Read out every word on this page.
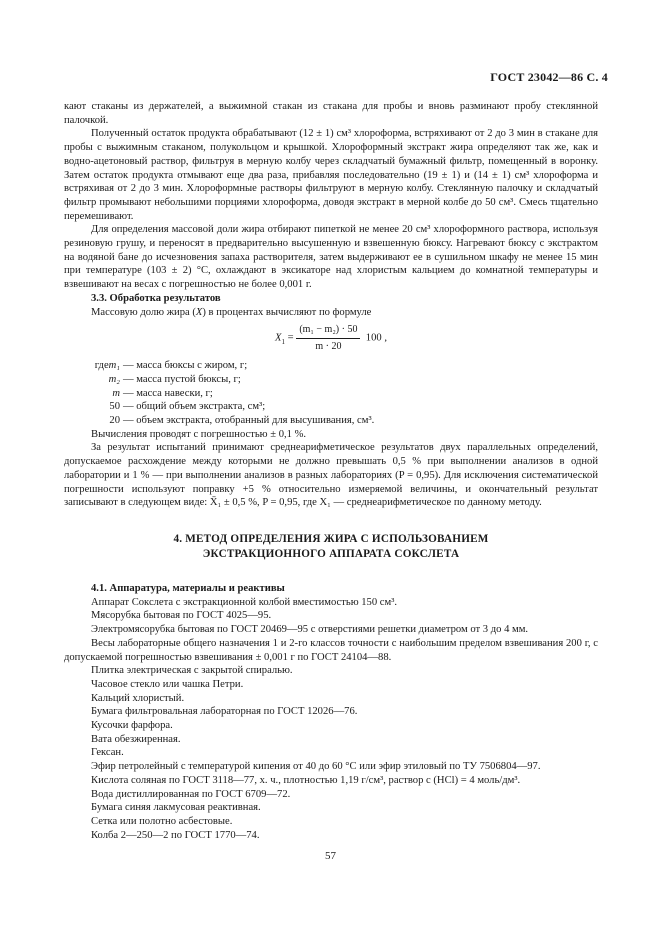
ГОСТ 23042—86 С. 4

кают стаканы из держателей, а выжимной стакан из стакана для пробы и вновь разминают пробу стеклянной палочкой.

Полученный остаток продукта обрабатывают (12 ± 1) см³ хлороформа, встряхивают от 2 до 3 мин в стакане для пробы с выжимным стаканом, полукольцом и крышкой. Хлороформный экстракт жира определяют так же, как и водно-ацетоновый раствор, фильтруя в мерную колбу через складчатый бумажный фильтр, помещенный в воронку. Затем остаток продукта отмывают еще два раза, прибавляя последовательно (19 ± 1) и (14 ± 1) см³ хлороформа и встряхивая от 2 до 3 мин. Хлороформные растворы фильтруют в мерную колбу. Стеклянную палочку и складчатый фильтр промывают небольшими порциями хлороформа, доводя экстракт в мерной колбе до 50 см³. Смесь тщательно перемешивают.

Для определения массовой доли жира отбирают пипеткой не менее 20 см³ хлороформного раствора, используя резиновую грушу, и переносят в предварительно высушенную и взвешенную бюксу. Нагревают бюксу с экстрактом на водяной бане до исчезновения запаха растворителя, затем выдерживают ее в сушильном шкафу не менее 15 мин при температуре (103 ± 2) °С, охлаждают в эксикаторе над хлористым кальцием до комнатной температуры и взвешивают на весах с погрешностью не более 0,001 г.

3.3. Обработка результатов

Массовую долю жира (X) в процентах вычисляют по формуле

$X_1 = \frac{\text{(m₁ − m₂) · 50}}{m \cdot 20} 100$ ,
гдеm₁ — масса бюксы с жиром, г;
m₂ — масса пустой бюксы, г;
m — масса навески, г;
50 — общий объем экстракта, см³;
20 — объем экстракта, отобранный для высушивания, см³.

Вычисления проводят с погрешностью ± 0,1 %.

За результат испытаний принимают среднеарифметическое результатов двух параллельных определений, допускаемое расхождение между которыми не должно превышать 0,5 % при выполнении анализов в одной лаборатории и 1 % — при выполнении анализов в разных лабораториях (P = 0,95). Для исключения систематической погрешности используют поправку +5 % относительно измеряемой величины, и окончательный результат записывают в следующем виде: X̄₁ ± 0,5 %, P = 0,95, где X₁ — среднеарифметическое по данному методу.

4. МЕТОД ОПРЕДЕЛЕНИЯ ЖИРА С ИСПОЛЬЗОВАНИЕМ
ЭКСТРАКЦИОННОГО АППАРАТА СОКСЛЕТА

4.1. Аппаратура, материалы и реактивы

Аппарат Сокслета с экстракционной колбой вместимостью 150 см³.

Мясорубка бытовая по ГОСТ 4025—95.

Электромясорубка бытовая по ГОСТ 20469—95 с отверстиями решетки диаметром от 3 до 4 мм.

Весы лабораторные общего назначения 1 и 2-го классов точности с наибольшим пределом взвешивания 200 г, с допускаемой погрешностью взвешивания ± 0,001 г по ГОСТ 24104—88.

Плитка электрическая с закрытой спиралью.

Часовое стекло или чашка Петри.

Кальций хлористый.

Бумага фильтровальная лабораторная по ГОСТ 12026—76.

Кусочки фарфора.

Вата обезжиренная.

Гексан.

Эфир петролейный с температурой кипения от 40 до 60 °С или эфир этиловый по ТУ 7506804—97.

Кислота соляная по ГОСТ 3118—77, х. ч., плотностью 1,19 г/см³, раствор c (HCl) = 4 моль/дм³.

Вода дистиллированная по ГОСТ 6709—72.

Бумага синяя лакмусовая реактивная.

Сетка или полотно асбестовые.

Колба 2—250—2 по ГОСТ 1770—74.

57
